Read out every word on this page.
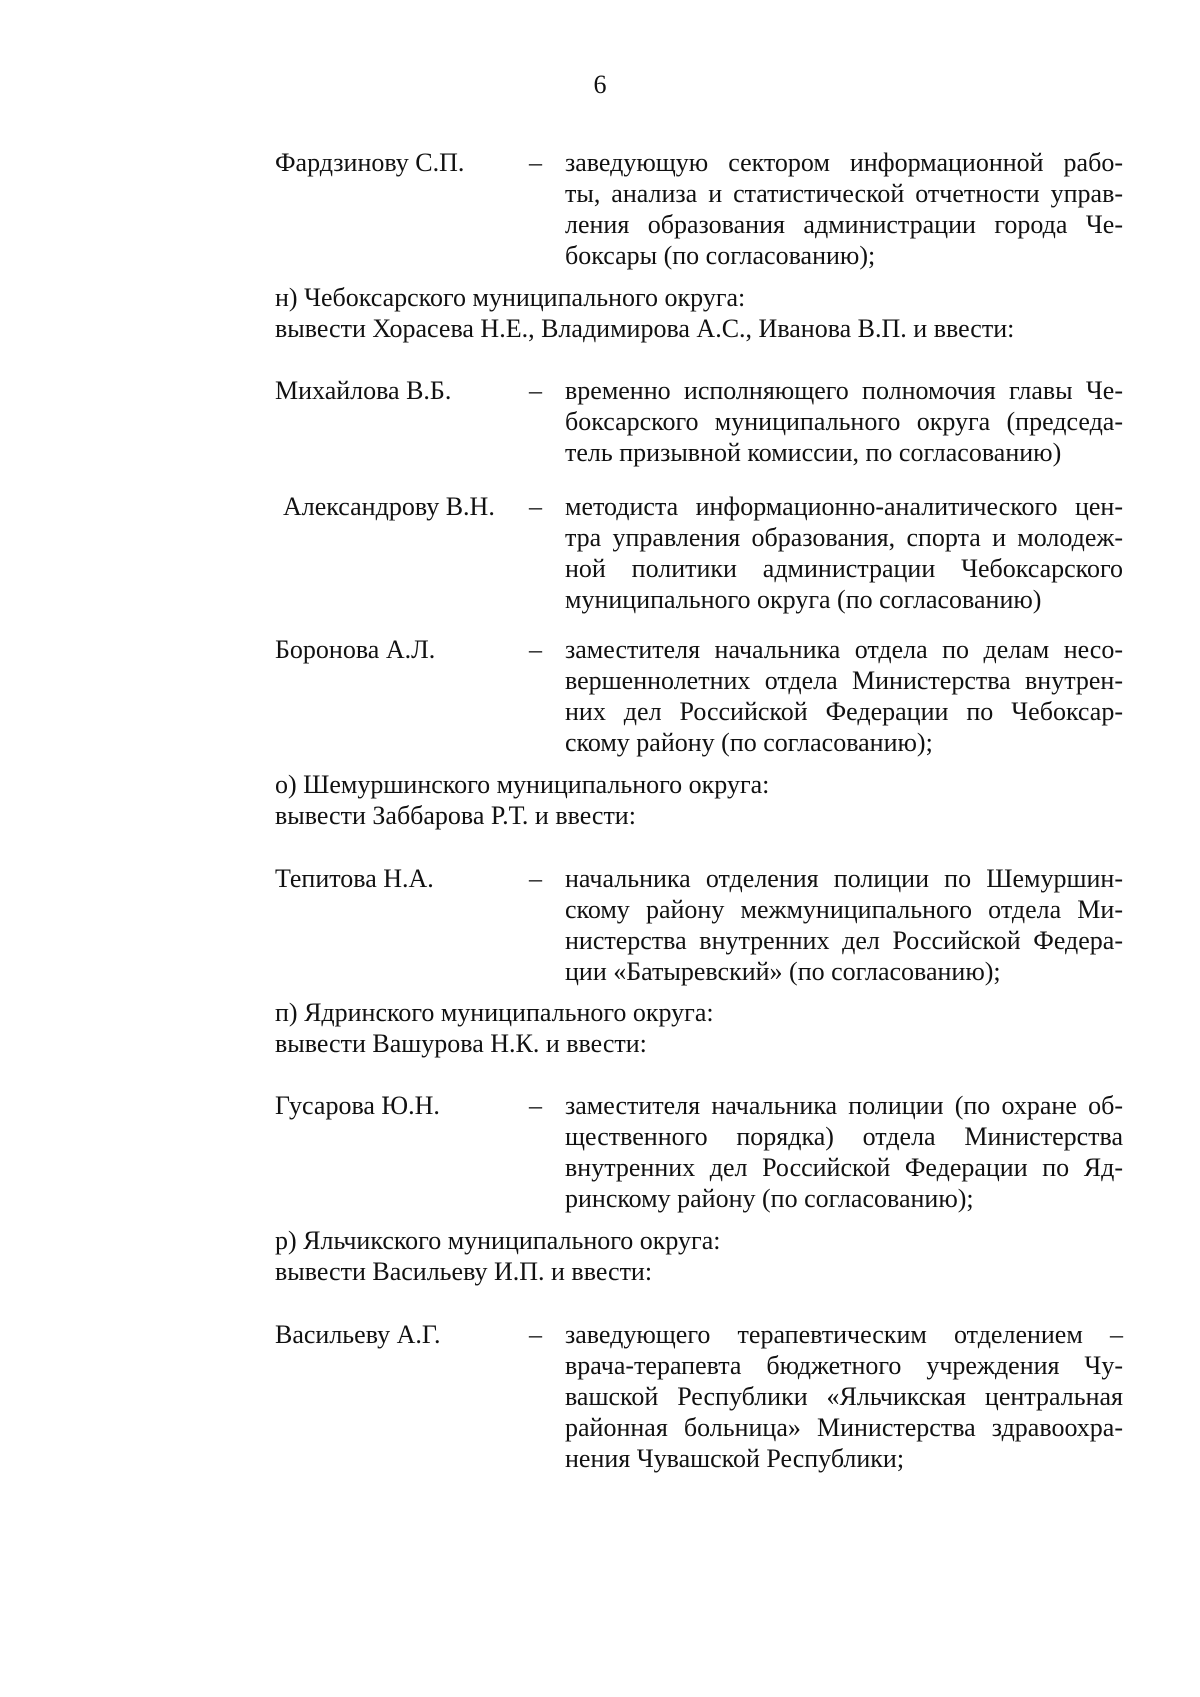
6
Фардзинову С.П. – заведующую сектором информационной рабо-
ты, анализа и статистической отчетности управ-
ления образования администрации города Че-
боксары (по согласованию);
н) Чебоксарского муниципального округа:
вывести Хорасева Н.Е., Владимирова А.С., Иванова В.П. и ввести:
Михайлова В.Б.	– временно исполняющего полномочия главы Че-
боксарского муниципального округа (председа-
тель призывной комиссии, по согласованию)
Александрову В.Н. – методиста информационно-аналитического цен-
тра управления образования, спорта и молодеж-
ной политики администрации Чебоксарского
муниципального округа (по согласованию)
Боронова А.Л.	– заместителя начальника отдела по делам несо-
вершеннолетних отдела Министерства внутрен-
них дел Российской Федерации по Чебоксар-
скому району (по согласованию);
о) Шемуршинского муниципального округа:
вывести Заббарова Р.Т. и ввести:
Тепитова Н.А.	– начальника отделения полиции по Шемуршин-
скому району межмуниципального отдела Ми-
нистерства внутренних дел Российской Федера-
ции «Батыревский» (по согласованию);
п) Ядринского муниципального округа:
вывести Вашурова Н.К. и ввести:
Гусарова Ю.Н.	– заместителя начальника полиции (по охране об-
щественного порядка) отдела Министерства
внутренних дел Российской Федерации по Яд-
ринскому району (по согласованию);
р) Яльчикского муниципального округа:
вывести Васильеву И.П. и ввести:
Васильеву А.Г.	– заведующего терапевтическим отделением –
врача-терапевта бюджетного учреждения Чу-
вашской Республики «Яльчикская центральная
районная больница» Министерства здравоохра-
нения Чувашской Республики;
